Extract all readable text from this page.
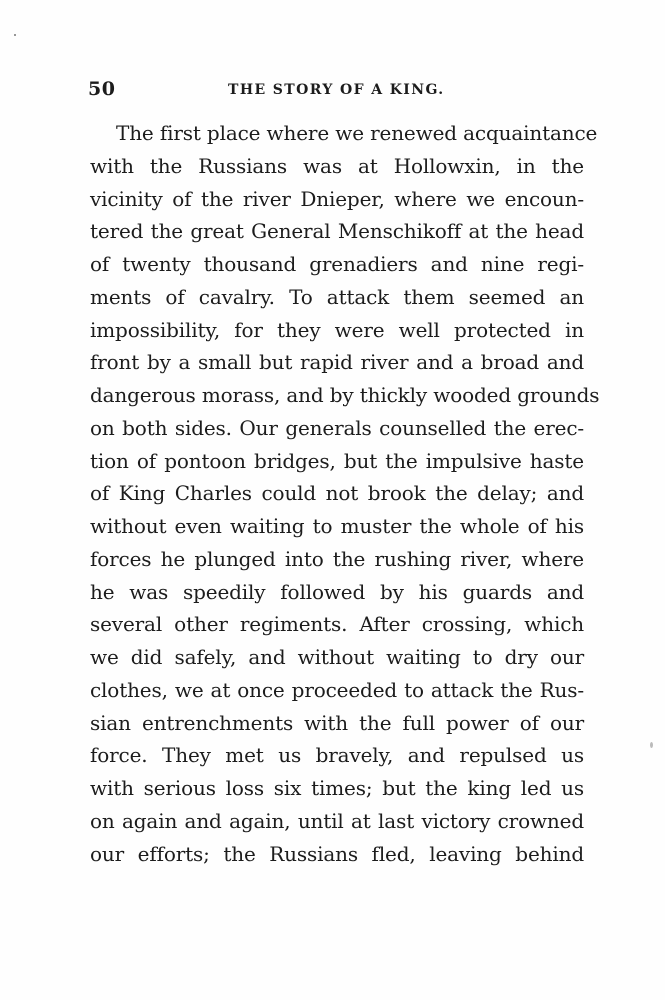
50	THE STORY OF A KING.
The first place where we renewed acquaintance
with the Russians was at Hollowxin, in the
vicinity of the river Dnieper, where we encoun-
tered the great General Menschikoff at the head
of twenty thousand grenadiers and nine regi-
ments of cavalry. To attack them seemed an
impossibility, for they were well protected in
front by a small but rapid river and a broad and
dangerous morass, and by thickly wooded grounds
on both sides. Our generals counselled the erec-
tion of pontoon bridges, but the impulsive haste
of King Charles could not brook the delay; and
without even waiting to muster the whole of his
forces he plunged into the rushing river, where
he was speedily followed by his guards and
several other regiments. After crossing, which
we did safely, and without waiting to dry our
clothes, we at once proceeded to attack the Rus-
sian entrenchments with the full power of our
force. They met us bravely, and repulsed us
with serious loss six times; but the king led us
on again and again, until at last victory crowned
our efforts; the Russians fled, leaving behind
